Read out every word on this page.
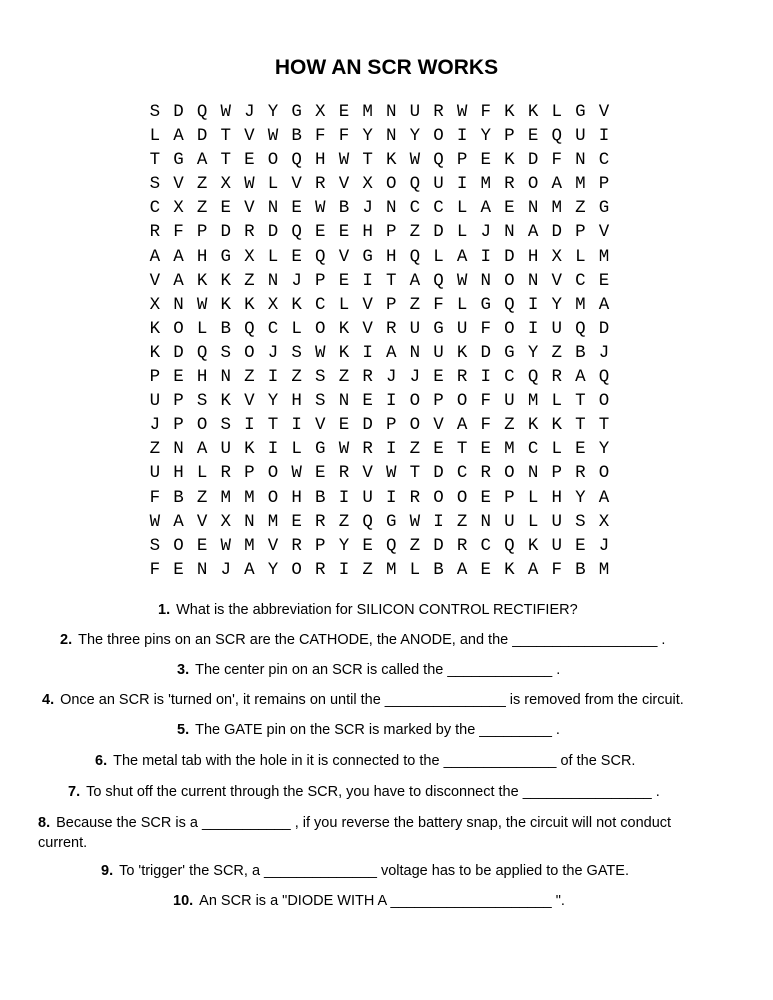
HOW AN SCR WORKS
S D Q W J Y G X E M N U R W F K K L G V
L A D T V W B F F Y N Y O I Y P E Q U I
T G A T E O Q H W T K W Q P E K D F N C
S V Z X W L V R V X O Q U I M R O A M P
C X Z E V N E W B J N C C L A E N M Z G
R F P D R D Q E E H P Z D L J N A D P V
A A H G X L E Q V G H Q L A I D H X L M
V A K K Z N J P E I T A Q W N O N V C E
X N W K K X K C L V P Z F L G Q I Y M A
K O L B Q C L O K V R U G U F O I U Q D
K D Q S O J S W K I A N U K D G Y Z B J
P E H N Z I Z S Z R J J E R I C Q R A Q
U P S K V Y H S N E I O P O F U M L T O
J P O S I T I V E D P O V A F Z K K T T
Z N A U K I L G W R I Z E T E M C L E Y
U H L R P O W E R V W T D C R O N P R O
F B Z M M O H B I U I R O O E P L H Y A
W A V X N M E R Z Q G W I Z N U L U S X
S O E W M V R P Y E Q Z D R C Q K U E J
F E N J A Y O R I Z M L B A E K A F B M
1. What is the abbreviation for SILICON CONTROL RECTIFIER?
2. The three pins on an SCR are the CATHODE, the ANODE, and the __________________ .
3. The center pin on an SCR is called the _____________ .
4. Once an SCR is 'turned on', it remains on until the _______________ is removed from the circuit.
5. The GATE pin on the SCR is marked by the _________ .
6. The metal tab with the hole in it is connected to the ______________ of the SCR.
7. To shut off the current through the SCR, you have to disconnect the ________________ .
8. Because the SCR is a ___________ , if you reverse the battery snap, the circuit will not conduct current.
9. To 'trigger' the SCR, a ______________ voltage has to be applied to the GATE.
10. An SCR is a "DIODE WITH A ____________________ ".
